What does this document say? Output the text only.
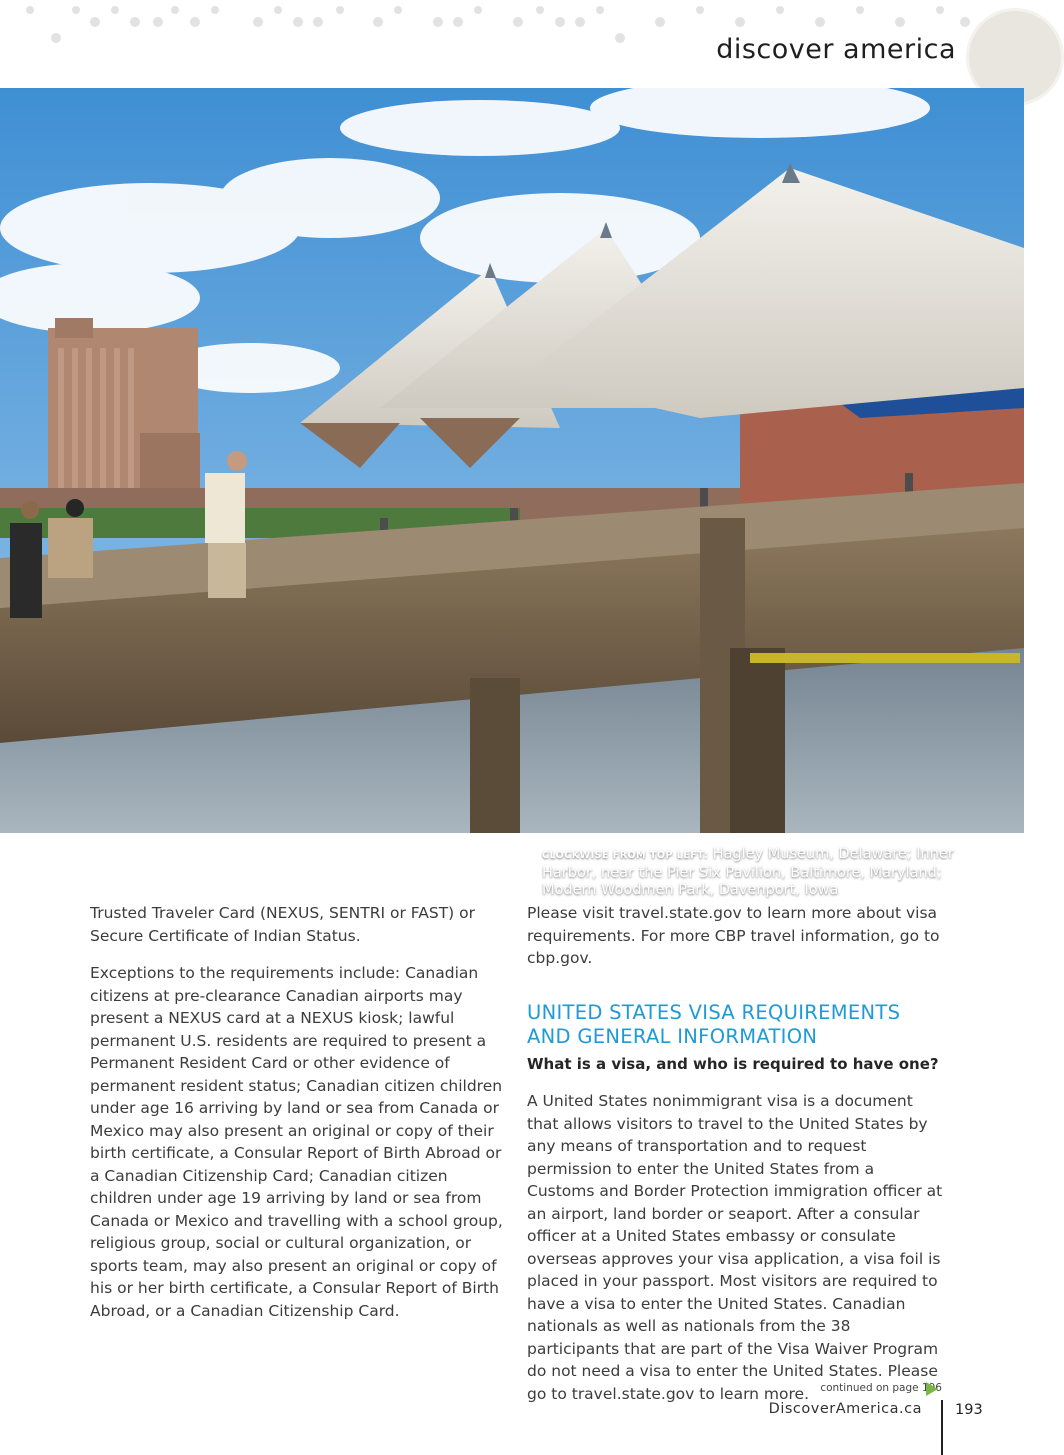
discover america
CLOCKWISE FROM TOP LEFT: Hagley Museum, Delaware; Inner Harbor, near the Pier Six Pavilion, Baltimore, Maryland; Modern Woodmen Park, Davenport, Iowa

Trusted Traveler Card (NEXUS, SENTRI or FAST) or Secure Certificate of Indian Status.

Exceptions to the requirements include: Canadian citizens at pre-clearance Canadian airports may present a NEXUS card at a NEXUS kiosk; lawful permanent U.S. residents are required to present a Permanent Resident Card or other evidence of permanent resident status; Canadian citizen children under age 16 arriving by land or sea from Canada or Mexico may also present an original or copy of their birth certificate, a Consular Report of Birth Abroad or a Canadian Citizenship Card; Canadian citizen children under age 19 arriving by land or sea from Canada or Mexico and travelling with a school group, religious group, social or cultural organization, or sports team, may also present an original or copy of his or her birth certificate, a Consular Report of Birth Abroad, or a Canadian Citizenship Card.

Please visit travel.state.gov to learn more about visa requirements. For more CBP travel information, go to cbp.gov.

UNITED STATES VISA REQUIREMENTS AND GENERAL INFORMATION

What is a visa, and who is required to have one?

A United States nonimmigrant visa is a document that allows visitors to travel to the United States by any means of transportation and to request permission to enter the United States from a Customs and Border Protection immigration officer at an airport, land border or seaport. After a consular officer at a United States embassy or consulate overseas approves your visa application, a visa foil is placed in your passport. Most visitors are required to have a visa to enter the United States. Canadian nationals as well as nationals from the 38 participants that are part of the Visa Waiver Program do not need a visa to enter the United States. Please go to travel.state.gov to learn more.	continued on page 196
DiscoverAmerica.ca 193
